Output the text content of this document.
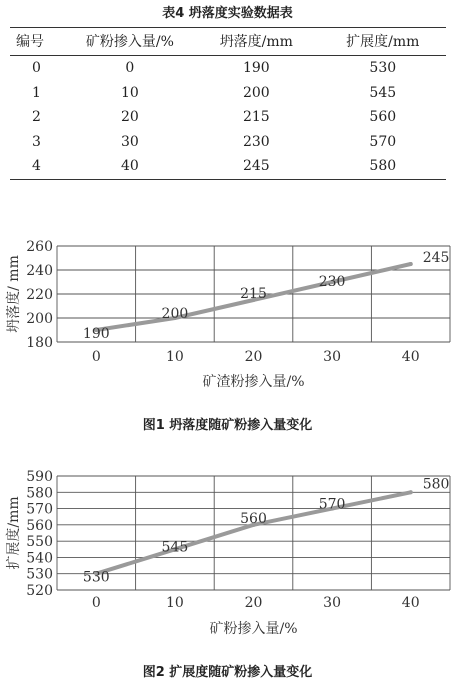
表4 坍落度实验数据表
编号	矿粉掺入量/%	坍落度/mm	扩展度/mm
0	0	190	530
1	10	200	545
2	20	215	560
3	30	230	570
4	40	245	580
180
200
220
240
260
0	10	20	30	40
190
200
215
230
245
矿渣粉掺入量/%
坍落度/ mm
图1 坍落度随矿粉掺入量变化
520
530
540
550
560
570
580
590
0	10	20	30	40
530
545
560
570
580
矿粉掺入量/%
扩展度/mm
图2 扩展度随矿粉掺入量变化
